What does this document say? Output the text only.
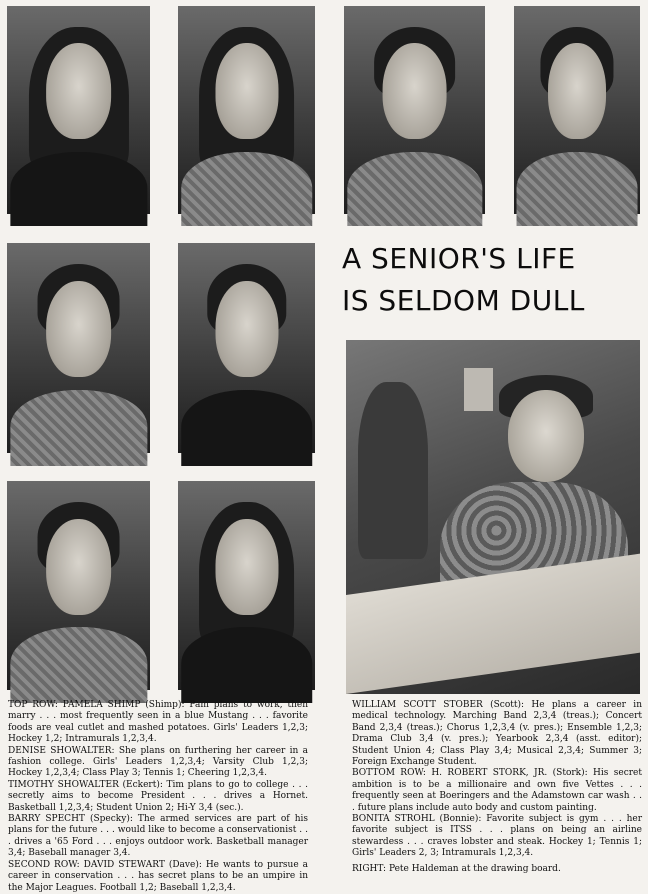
A SENIOR'S LIFE
IS SELDOM DULL

TOP ROW: PAMELA SHIMP (Shimp): Pam plans to work, then marry . . . most frequently seen in a blue Mustang . . . favorite foods are veal cutlet and mashed potatoes. Girls' Leaders 1,2,3; Hockey 1,2; Intramurals 1,2,3,4.

DENISE SHOWALTER: She plans on furthering her career in a fashion college. Girls' Leaders 1,2,3,4; Varsity Club 1,2,3; Hockey 1,2,3,4; Class Play 3; Tennis 1; Cheering 1,2,3,4.

TIMOTHY SHOWALTER (Eckert): Tim plans to go to college . . . secretly aims to become President . . . drives a Hornet. Basketball 1,2,3,4; Student Union 2; Hi-Y 3,4 (sec.).

BARRY SPECHT (Specky): The armed services are part of his plans for the future . . . would like to become a conservationist . . . drives a '65 Ford . . . enjoys outdoor work. Basketball manager 3,4; Baseball manager 3,4.

SECOND ROW: DAVID STEWART (Dave): He wants to pursue a career in conservation . . . has secret plans to be an umpire in the Major Leagues. Football 1,2; Baseball 1,2,3,4.

WILLIAM SCOTT STOBER (Scott): He plans a career in medical technology. Marching Band 2,3,4 (treas.); Concert Band 2,3,4 (treas.); Chorus 1,2,3,4 (v. pres.); Ensemble 1,2,3; Drama Club 3,4 (v. pres.); Yearbook 2,3,4 (asst. editor); Student Union 4; Class Play 3,4; Musical 2,3,4; Summer 3; Foreign Exchange Student.

BOTTOM ROW: H. ROBERT STORK, JR. (Stork): His secret ambition is to be a millionaire and own five Vettes . . . frequently seen at Boeringers and the Adamstown car wash . . . future plans include auto body and custom painting.

BONITA STROHL (Bonnie): Favorite subject is gym . . . her favorite subject is ITSS . . . plans on being an airline stewardess . . . craves lobster and steak. Hockey 1; Tennis 1; Girls' Leaders 2, 3; Intramurals 1,2,3,4.

RIGHT: Pete Haldeman at the drawing board.
